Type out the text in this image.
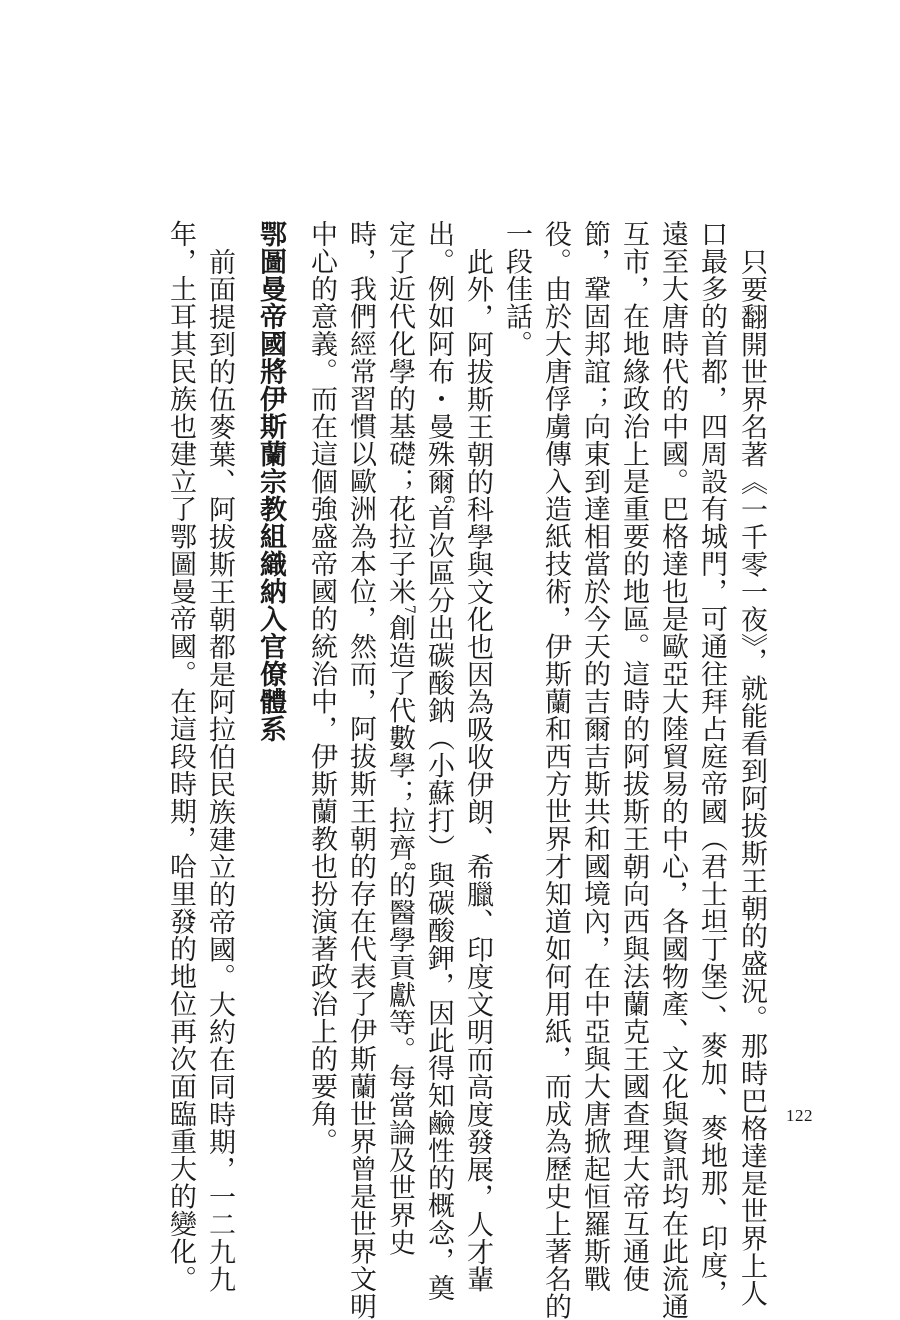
只要翻開世界名著《一千零一夜》，就能看到阿拔斯王朝的盛況。那時巴格達是世界上人
口最多的首都，四周設有城門，可通往拜占庭帝國（君士坦丁堡）、麥加、麥地那、印度，
遠至大唐時代的中國。巴格達也是歐亞大陸貿易的中心，各國物產、文化與資訊均在此流通
互市，在地緣政治上是重要的地區。這時的阿拔斯王朝向西與法蘭克王國查理大帝互通使
節，鞏固邦誼；向東到達相當於今天的吉爾吉斯共和國境內，在中亞與大唐掀起恒羅斯戰
役。由於大唐俘虜傳入造紙技術，伊斯蘭和西方世界才知道如何用紙，而成為歷史上著名的
一段佳話。
此外，阿拔斯王朝的科學與文化也因為吸收伊朗、希臘、印度文明而高度發展，人才輩
出。例如阿布・曼殊爾$^6$首次區分出碳酸鈉（小蘇打）與碳酸鉀，因此得知鹼性的概念，奠
定了近代化學的基礎；花拉子米$^7$創造了代數學；拉齊$^8$的醫學貢獻等。每當論及世界史
時，我們經常習慣以歐洲為本位，然而，阿拔斯王朝的存在代表了伊斯蘭世界曾是世界文明
中心的意義。而在這個強盛帝國的統治中，伊斯蘭教也扮演著政治上的要角。
鄂圖曼帝國將伊斯蘭宗教組織納入官僚體系
前面提到的伍麥葉、阿拔斯王朝都是阿拉伯民族建立的帝國。大約在同時期，一二九九
年，土耳其民族也建立了鄂圖曼帝國。在這段時期，哈里發的地位再次面臨重大的變化。	122
